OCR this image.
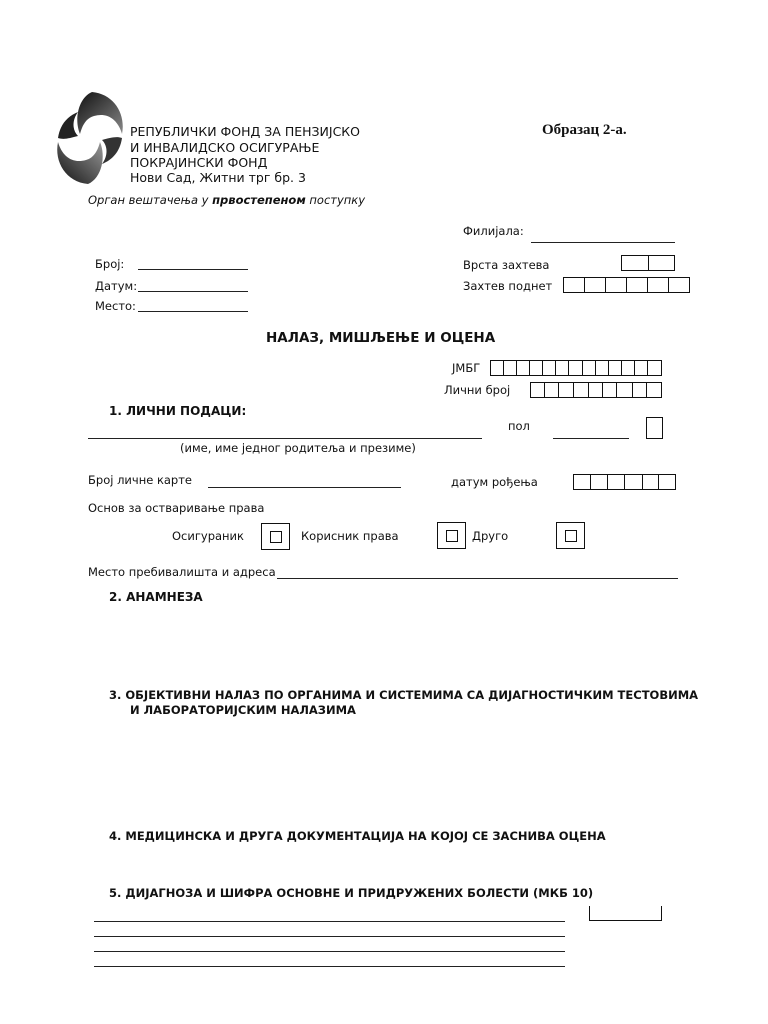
РЕПУБЛИЧКИ ФОНД ЗА ПЕНЗИЈСКО
И ИНВАЛИДСКО ОСИГУРАЊЕ
ПОКРАЈИНСКИ ФОНД
Нови Сад, Житни трг бр. 3
Образац 2-а.
Орган вештачења у првостепеном поступку
Филијала:
Врста захтева
Захтев поднет
Број:
Датум:
Место:
НАЛАЗ, МИШЉЕЊЕ И ОЦЕНА
ЈМБГ
Лични број
1. ЛИЧНИ ПОДАЦИ:
(име, име једног родитеља и презиме)
пол
Број личне карте	датум рођења
Основ за остваривање права
Осигураник	Корисник права	Друго
Место пребивалишта и адреса
2. АНАМНЕЗА
3. ОБЈЕКТИВНИ НАЛАЗ ПО ОРГАНИМА И СИСТЕМИМА СА ДИЈАГНОСТИЧКИМ ТЕСТОВИМА
И ЛАБОРАТОРИЈСКИМ НАЛАЗИМА
4. МЕДИЦИНСКА И ДРУГА ДОКУМЕНТАЦИЈА НА КОЈОЈ СЕ ЗАСНИВА ОЦЕНА
5. ДИЈАГНОЗА И ШИФРА ОСНОВНЕ И ПРИДРУЖЕНИХ БОЛЕСТИ (МКБ 10)
